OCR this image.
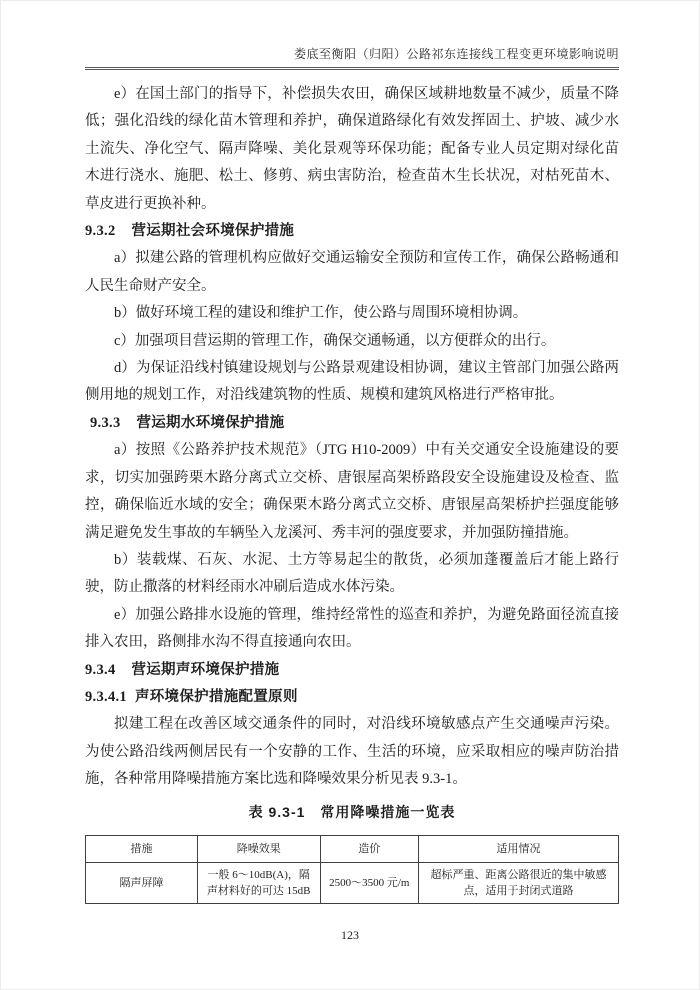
娄底至衡阳（归阳）公路祁东连接线工程变更环境影响说明

e）在国土部门的指导下，补偿损失农田，确保区域耕地数量不减少，质量不降低；强化沿线的绿化苗木管理和养护，确保道路绿化有效发挥固土、护坡、减少水土流失、净化空气、隔声降噪、美化景观等环保功能；配备专业人员定期对绿化苗木进行浇水、施肥、松土、修剪、病虫害防治，检查苗木生长状况，对枯死苗木、草皮进行更换补种。

9.3.2 营运期社会环境保护措施

a）拟建公路的管理机构应做好交通运输安全预防和宣传工作，确保公路畅通和人民生命财产安全。

b）做好环境工程的建设和维护工作，使公路与周围环境相协调。

c）加强项目营运期的管理工作，确保交通畅通，以方便群众的出行。

d）为保证沿线村镇建设规划与公路景观建设相协调，建议主管部门加强公路两侧用地的规划工作，对沿线建筑物的性质、规模和建筑风格进行严格审批。

9.3.3 营运期水环境保护措施

a）按照《公路养护技术规范》（JTG H10-2009）中有关交通安全设施建设的要求，切实加强跨栗木路分离式立交桥、唐银屋高架桥路段安全设施建设及检查、监控，确保临近水域的安全；确保栗木路分离式立交桥、唐银屋高架桥护拦强度能够满足避免发生事故的车辆坠入龙溪河、秀丰河的强度要求，并加强防撞措施。

b）装载煤、石灰、水泥、土方等易起尘的散货，必须加蓬覆盖后才能上路行驶，防止撒落的材料经雨水冲刷后造成水体污染。

e）加强公路排水设施的管理，维持经常性的巡查和养护，为避免路面径流直接排入农田，路侧排水沟不得直接通向农田。

9.3.4 营运期声环境保护措施

9.3.4.1 声环境保护措施配置原则

拟建工程在改善区域交通条件的同时，对沿线环境敏感点产生交通噪声污染。为使公路沿线两侧居民有一个安静的工作、生活的环境，应采取相应的噪声防治措施，各种常用降噪措施方案比选和降噪效果分析见表 9.3-1。

表 9.3-1　常用降噪措施一览表

措施	降噪效果	造价	适用情况
隔声屏障	一般 6～10dB(A)，隔声材料好的可达 15dB	2500～3500 元/m	超标严重、距离公路很近的集中敏感点，适用于封闭式道路
123
